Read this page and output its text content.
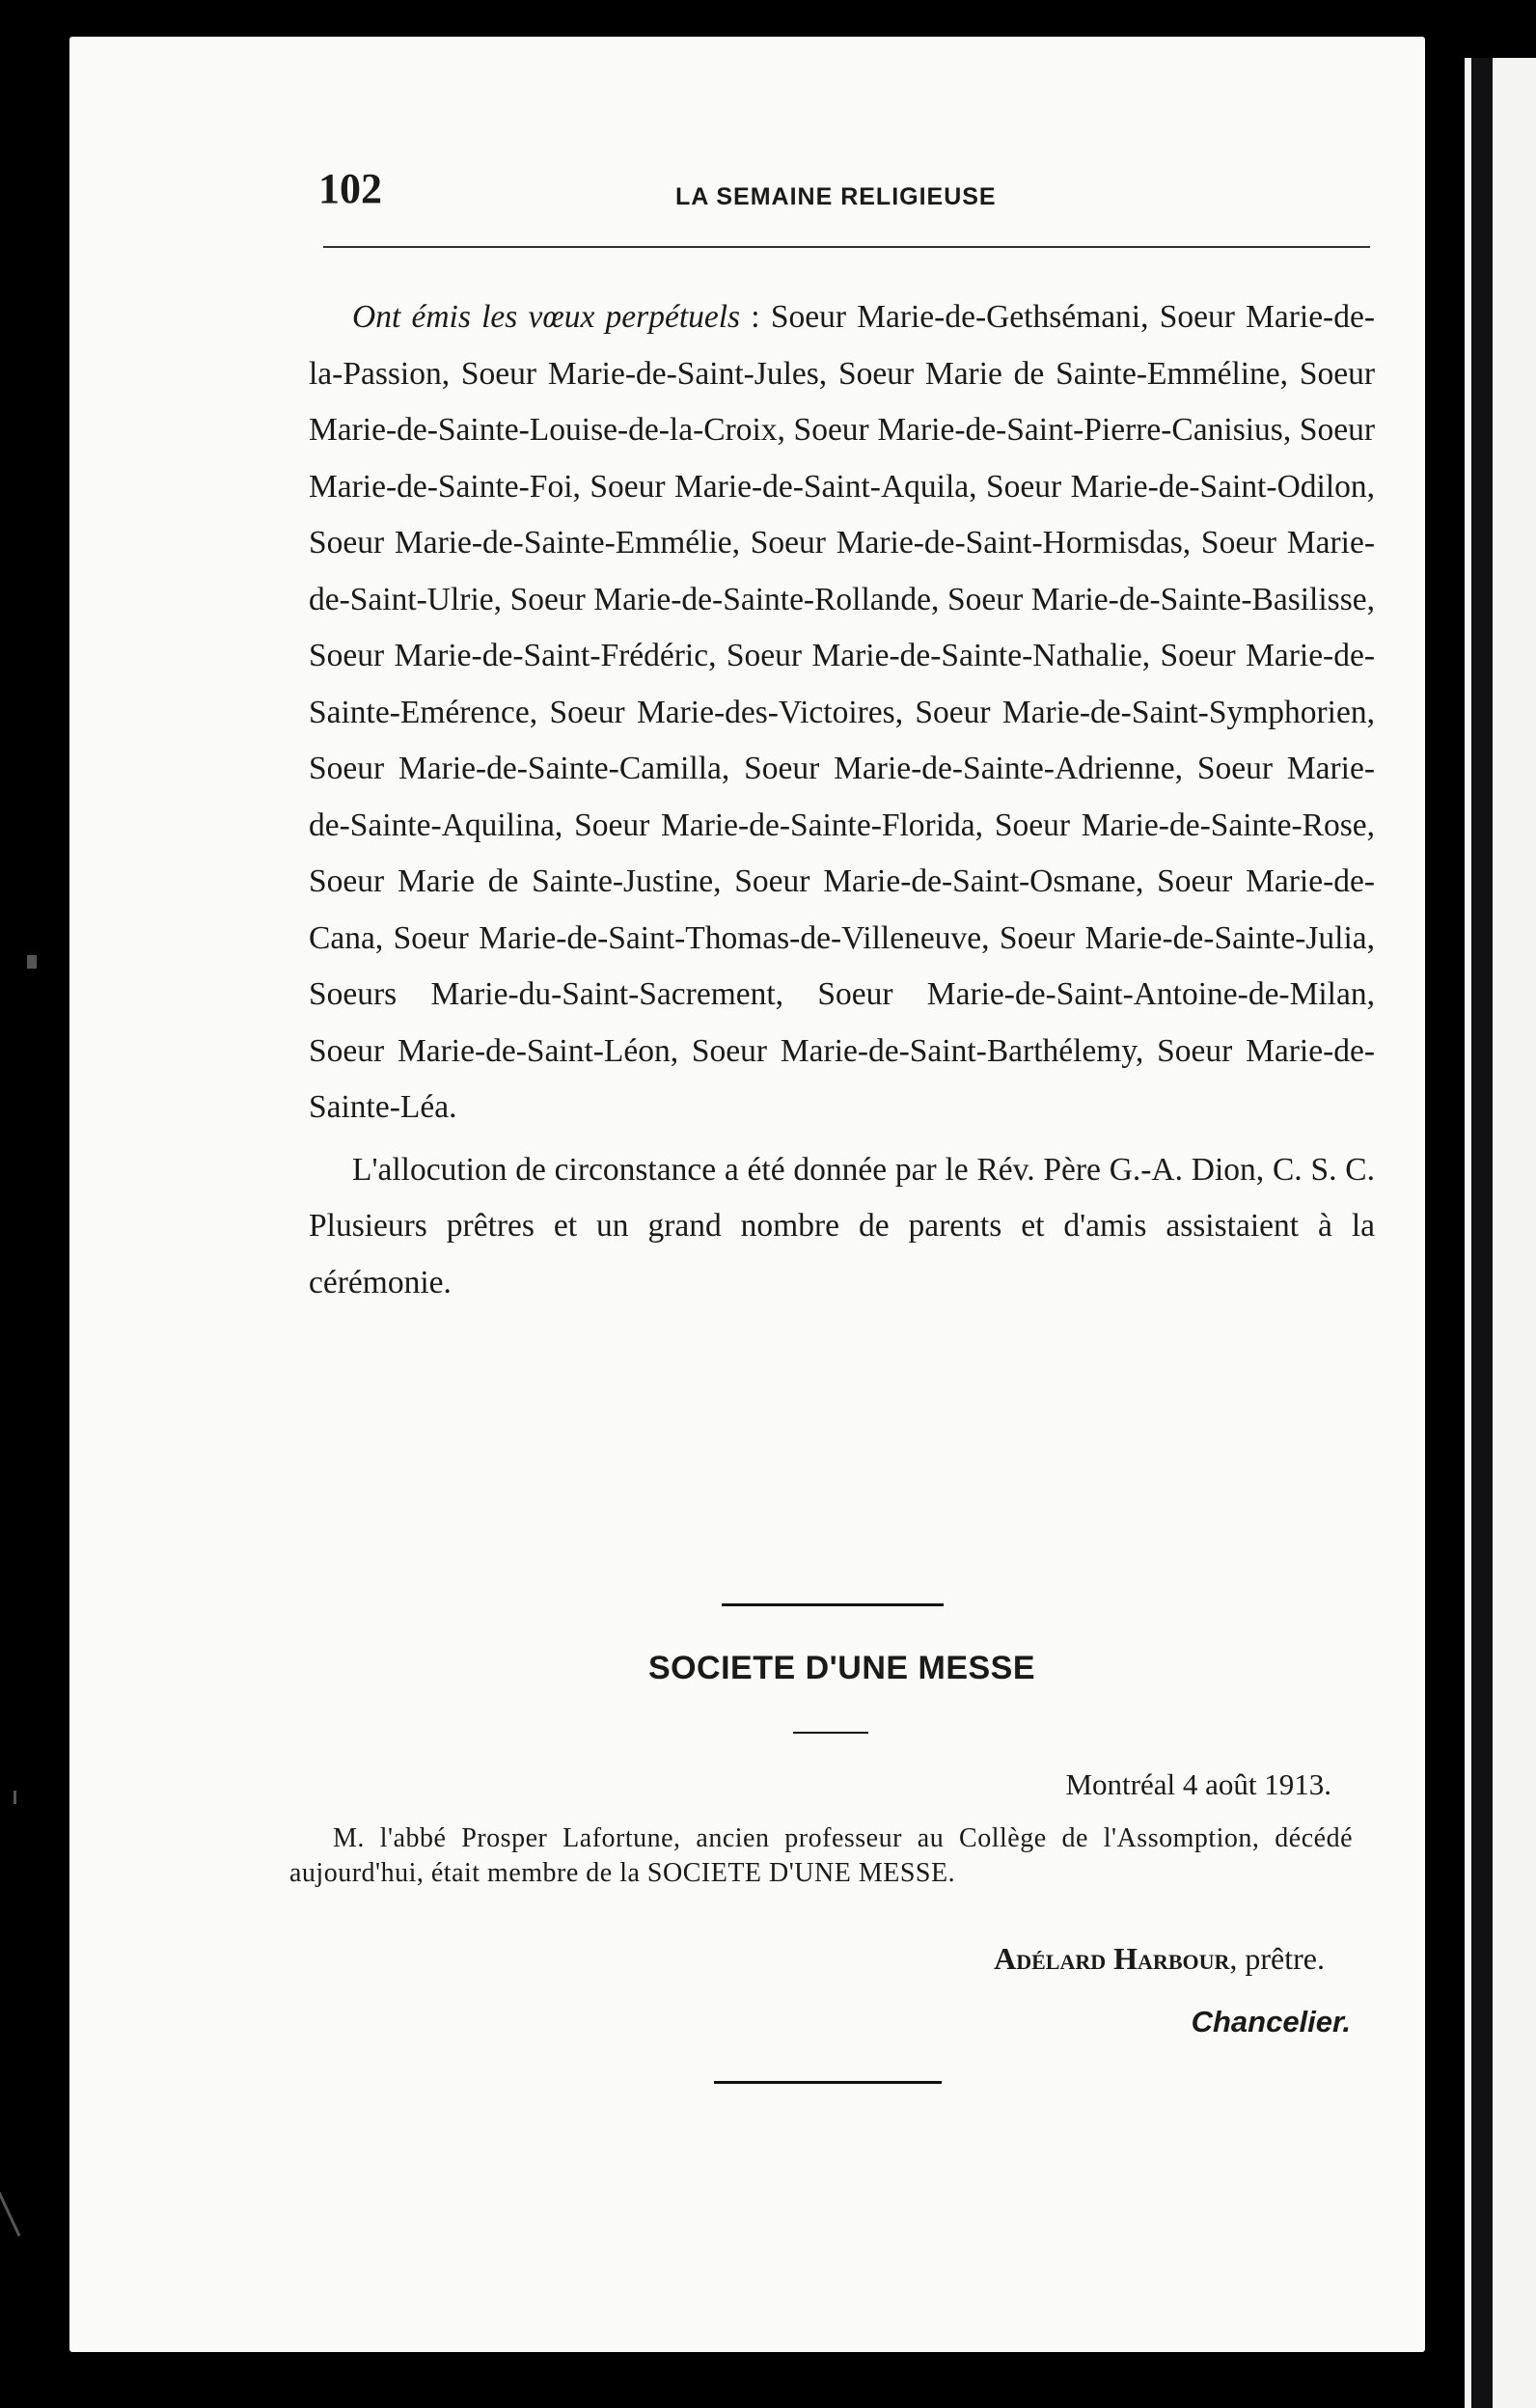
102	LA SEMAINE RELIGIEUSE

Ont émis les vœux perpétuels : Soeur Marie-de-Gethsémani, Soeur Marie-de-la-Passion, Soeur Marie-de-Saint-Jules, Soeur Marie de Sainte-Emméline, Soeur Marie-de-Sainte-Louise-de-la-Croix, Soeur Marie-de-Saint-Pierre-Canisius, Soeur Marie-de-Sainte-Foi, Soeur Marie-de-Saint-Aquila, Soeur Marie-de-Saint-Odilon, Soeur Marie-de-Sainte-Emmélie, Soeur Marie-de-Saint-Hormisdas, Soeur Marie-de-Saint-Ulrie, Soeur Marie-de-Sainte-Rollande, Soeur Marie-de-Sainte-Basilisse, Soeur Marie-de-Saint-Frédéric, Soeur Marie-de-Sainte-Nathalie, Soeur Marie-de-Sainte-Emérence, Soeur Marie-des-Victoires, Soeur Marie-de-Saint-Symphorien, Soeur Marie-de-Sainte-Camilla, Soeur Marie-de-Sainte-Adrienne, Soeur Marie-de-Sainte-Aquilina, Soeur Marie-de-Sainte-Florida, Soeur Marie-de-Sainte-Rose, Soeur Marie de Sainte-Justine, Soeur Marie-de-Saint-Osmane, Soeur Marie-de-Cana, Soeur Marie-de-Saint-Thomas-de-Villeneuve, Soeur Marie-de-Sainte-Julia, Soeurs Marie-du-Saint-Sacrement, Soeur Marie-de-Saint-Antoine-de-Milan, Soeur Marie-de-Saint-Léon, Soeur Marie-de-Saint-Barthélemy, Soeur Marie-de-Sainte-Léa.

L'allocution de circonstance a été donnée par le Rév. Père G.-A. Dion, C. S. C. Plusieurs prêtres et un grand nombre de parents et d'amis assistaient à la cérémonie.

SOCIETE D'UNE MESSE
Montréal 4 août 1913.

M. l'abbé Prosper Lafortune, ancien professeur au Collège de l'Assomption, décédé aujourd'hui, était membre de la SOCIETE D'UNE MESSE.

Adélard Harbour, prêtre.
Chancelier.
